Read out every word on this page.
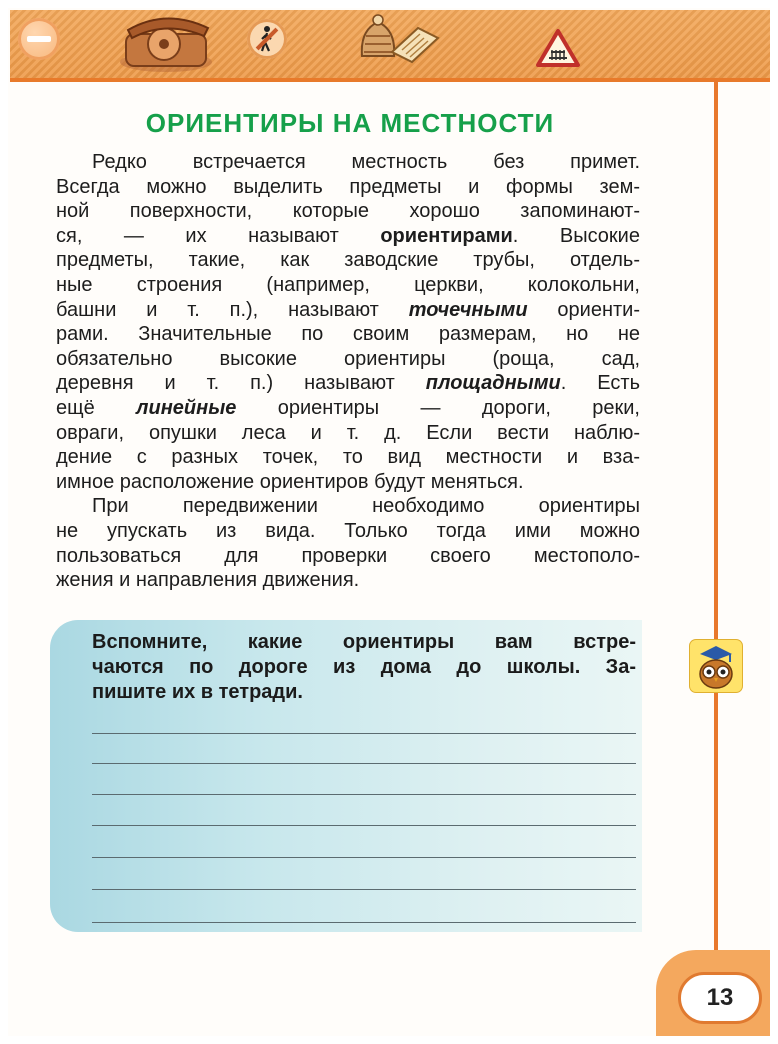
ОРИЕНТИРЫ НА МЕСТНОСТИ
Редко встречается местность без примет.
Всегда можно выделить предметы и формы зем-
ной поверхности, которые хорошо запоминают-
ся, — их называют ориентирами. Высокие
предметы, такие, как заводские трубы, отдель-
ные строения (например, церкви, колокольни,
башни и т. п.), называют точечными ориенти-
рами. Значительные по своим размерам, но не
обязательно высокие ориентиры (роща, сад,
деревня и т. п.) называют площадными. Есть
ещё линейные ориентиры — дороги, реки,
овраги, опушки леса и т. д. Если вести наблю-
дение с разных точек, то вид местности и вза-
имное расположение ориентиров будут меняться.
При передвижении необходимо ориентиры
не упускать из вида. Только тогда ими можно
пользоваться для проверки своего местополо-
жения и направления движения.
Вспомните, какие ориентиры вам встре-
чаются по дороге из дома до школы. За-
пишите их в тетради.
13
